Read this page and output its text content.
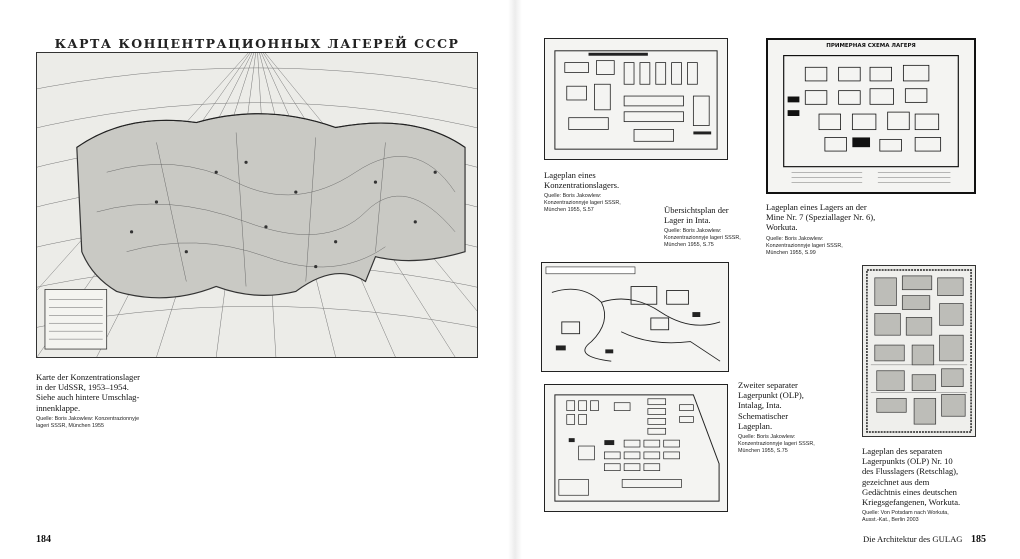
КАРТА КОНЦЕНТРАЦИОННЫХ ЛАГЕРЕЙ СССР
Karte der Konzentrationslager
in der UdSSR, 1953–1954.
Siehe auch hintere Umschlag-
innenklappe.
Quelle: Boris Jakowlew: Konzentrazionnyje
lageri SSSR, München 1955
184
Lageplan eines
Konzentrationslagers.
Quelle: Boris Jakowlew:
Konzentrazionnyje lageri SSSR,
München 1955, S.57
ПРИМЕРНАЯ СХЕМА ЛАГЕРЯ
Lageplan eines Lagers an der
Mine Nr. 7 (Speziallager Nr. 6),
Workuta.
Quelle: Boris Jakowlew:
Konzentrazionnyje lageri SSSR,
München 1955, S.99
Übersichtsplan der
Lager in Inta.
Quelle: Boris Jakowlew:
Konzentrazionnyje lageri SSSR,
München 1955, S.75
Zweiter separater
Lagerpunkt (OLP),
Intalag, Inta.
Schematischer
Lageplan.
Quelle: Boris Jakowlew:
Konzentrazionnyje lageri SSSR,
München 1955, S.75	Lageplan des separaten
Lagerpunkts (OLP) Nr. 10
des Flusslagers (Retschlag),
gezeichnet aus dem
Gedächtnis eines deutschen
Kriegsgefangenen, Workuta.
Quelle: Von Potsdam nach Workuta,
Ausst.-Kat., Berlin 2003
Die Architektur des GULAG 185
